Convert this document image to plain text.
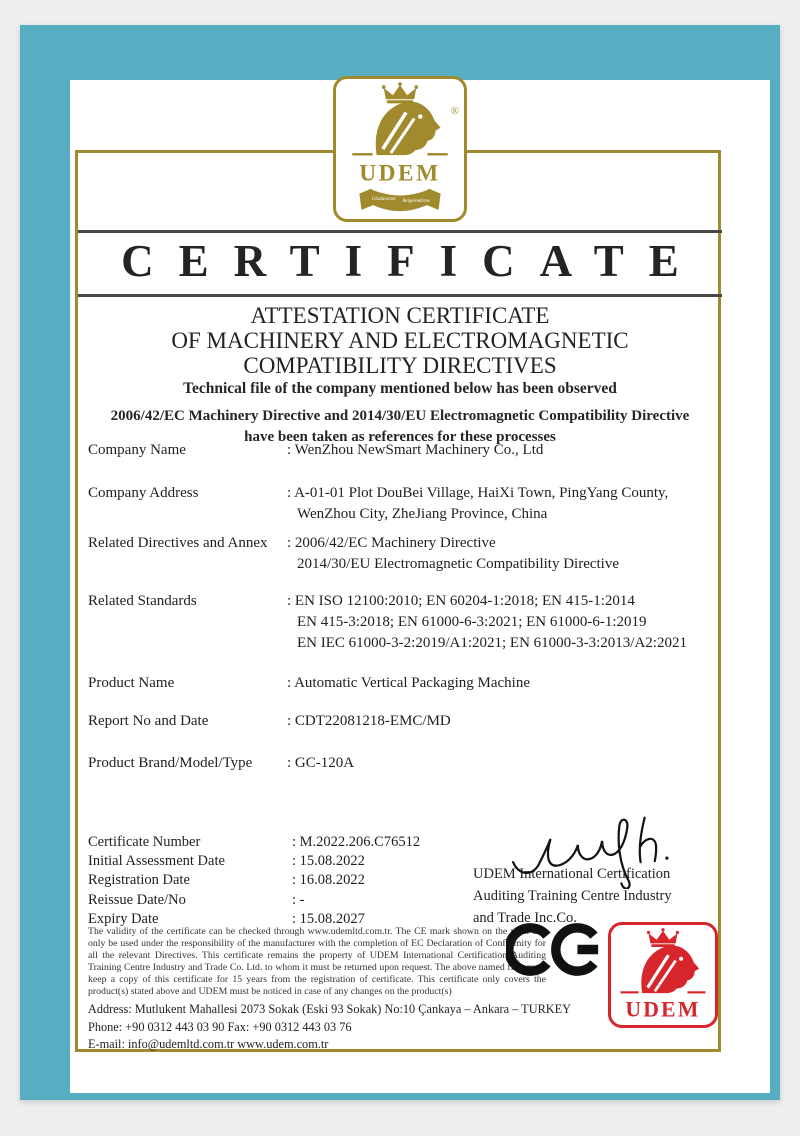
UDEM
Uluslararası Belgelendirme
®
CERTIFICATE
ATTESTATION CERTIFICATE
OF MACHINERY AND ELECTROMAGNETIC
COMPATIBILITY DIRECTIVES
Technical file of the company mentioned below has been observed
2006/42/EC Machinery Directive and 2014/30/EU Electromagnetic Compatibility Directive
have been taken as references for these processes
Company Name	: WenZhou NewSmart Machinery Co., Ltd
Company Address	: A-01-01 Plot DouBei Village, HaiXi Town, PingYang County,
WenZhou City, ZheJiang Province, China
Related Directives and Annex	: 2006/42/EC Machinery Directive
2014/30/EU Electromagnetic Compatibility Directive
Related Standards	: EN ISO 12100:2010; EN 60204-1:2018; EN 415-1:2014
EN 415-3:2018; EN 61000-6-3:2021; EN 61000-6-1:2019
EN IEC 61000-3-2:2019/A1:2021; EN 61000-3-3:2013/A2:2021
Product Name	: Automatic Vertical Packaging Machine
Report No and Date	: CDT22081218-EMC/MD
Product Brand/Model/Type	: GC-120A
Certificate Number	: M.2022.206.C76512
Initial Assessment Date	: 15.08.2022
Registration Date	: 16.08.2022
Reissue Date/No	: -
Expiry Date	: 15.08.2027
UDEM International Certification
Auditing Training Centre Industry
and Trade Inc.Co.
The validity of the certificate can be checked through www.udemltd.com.tr. The CE mark shown on the right can only be used under the responsibility of the manufacturer with the completion of EC Declaration of Conformity for all the relevant Directives. This certificate remains the property of UDEM International Certification Auditing Training Centre Industry and Trade Co. Ltd. to whom it must be returned upon request. The above named firm must keep a copy of this certificate for 15 years from the registration of certificate. This certificate only covers the product(s) stated above and UDEM must be noticed in case of any changes on the product(s)
UDEM
Address: Mutlukent Mahallesi 2073 Sokak (Eski 93 Sokak) No:10 Çankaya – Ankara – TURKEY
Phone: +90 0312 443 03 90 Fax: +90 0312 443 03 76
E-mail: info@udemltd.com.tr www.udem.com.tr
